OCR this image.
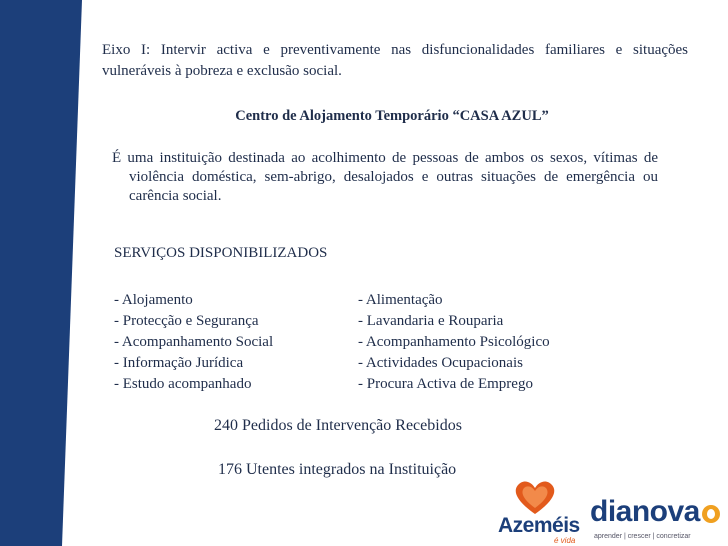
Eixo I: Intervir activa e preventivamente nas disfuncionalidades familiares e situações vulneráveis à pobreza e exclusão social.
Centro de Alojamento Temporário “CASA AZUL”
É uma instituição destinada ao acolhimento de pessoas de ambos os sexos, vítimas de violência doméstica, sem-abrigo, desalojados e outras situações de emergência ou carência social.
SERVIÇOS DISPONIBILIZADOS
- Alojamento	- Alimentação
- Protecção e Segurança	- Lavandaria e Rouparia
- Acompanhamento Social	- Acompanhamento Psicológico
- Informação Jurídica	- Actividades Ocupacionais
- Estudo acompanhado	- Procura Activa de Emprego
240 Pedidos de Intervenção Recebidos
176 Utentes integrados na Instituição
Azeméis
é vida
dianova
aprender | crescer | concretizar
